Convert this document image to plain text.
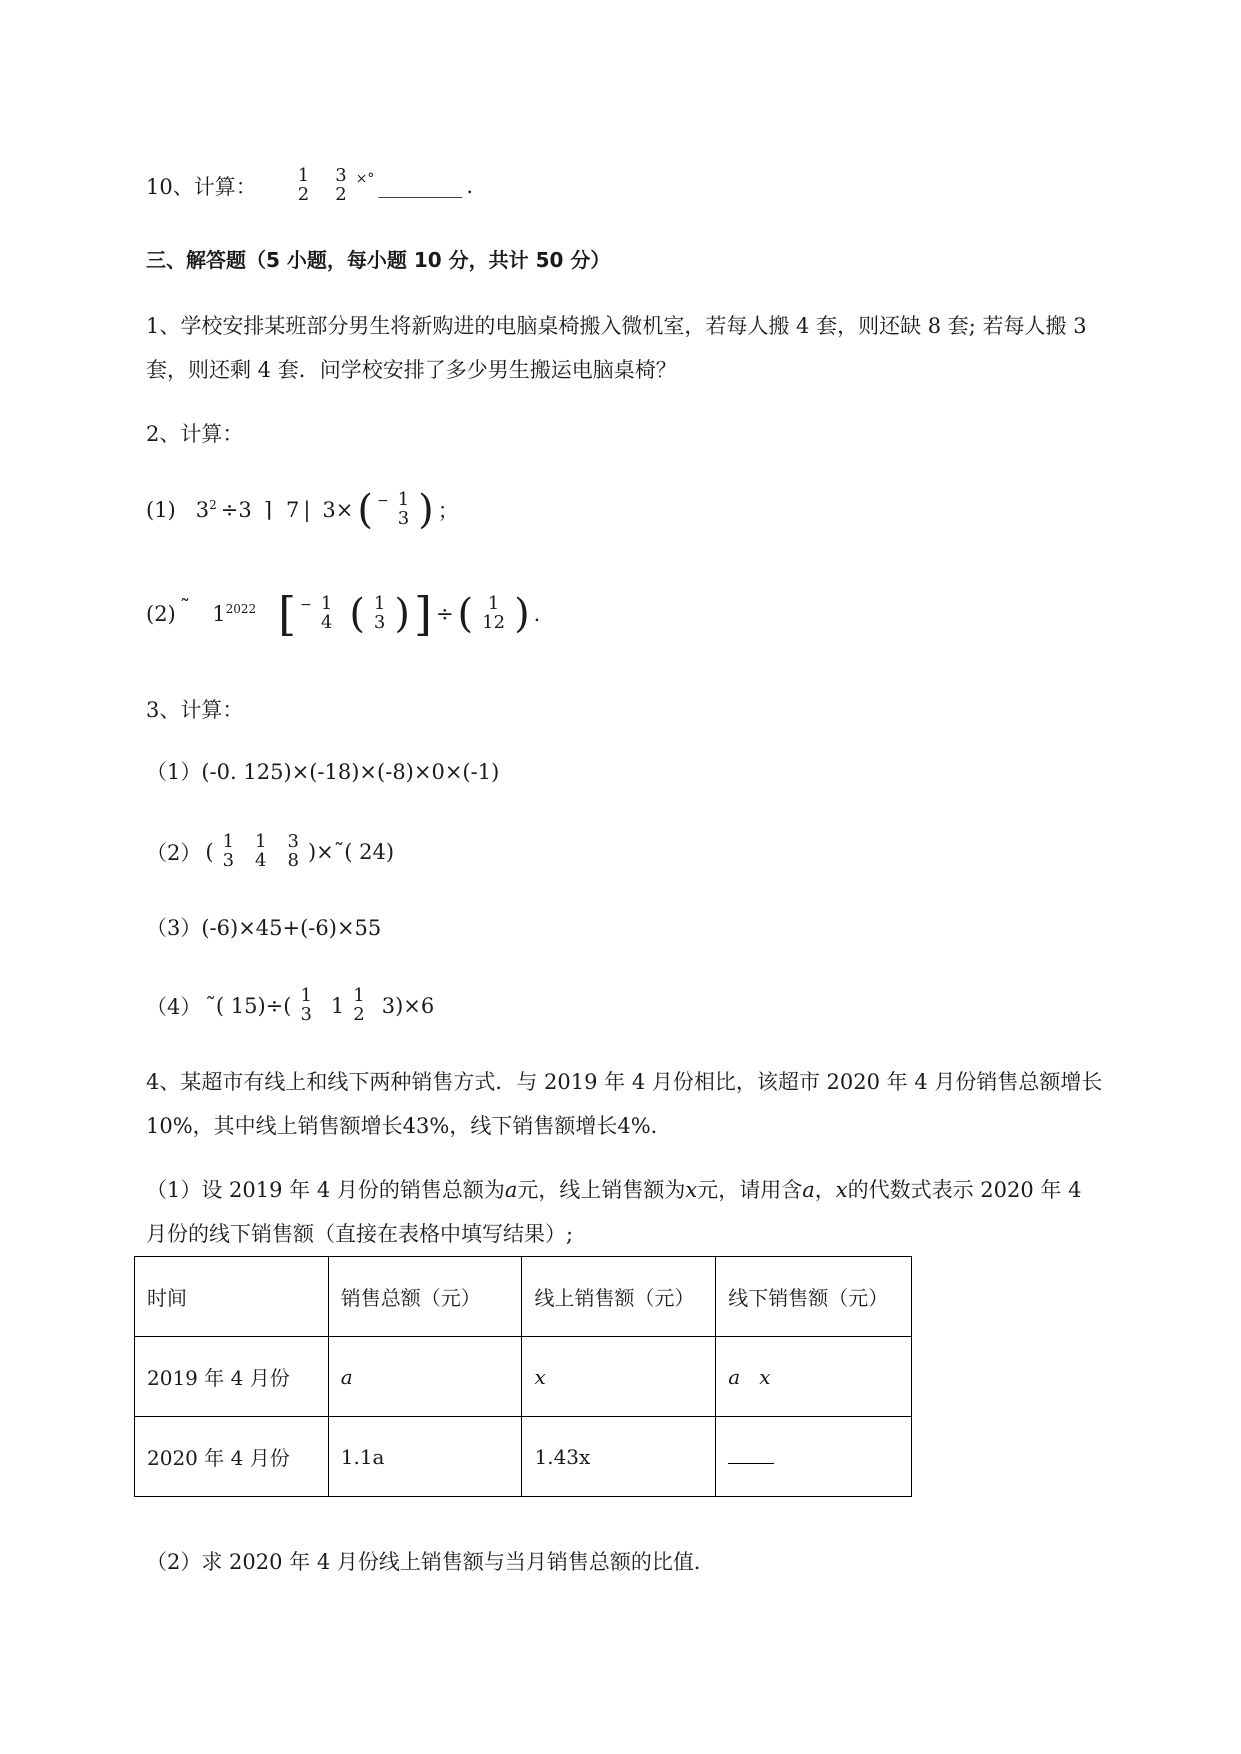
10、计算： 1
2
3
2
×° ________ .
三、解答题（5 小题，每小题 10 分，共计 50 分）
1、学校安排某班部分男生将新购进的电脑桌椅搬入微机室，若每人搬 4 套，则还缺 8 套; 若每人搬 3
套，则还剩 4 套．问学校安排了多少男生搬运电脑桌椅？
2、计算：
(1) $3^2 \div 3$ ⌉ 7 | 3× ( − 1
3 ) ；
(2) ˜ $1^{2022}$ [ − 1
4 ( 1
3 ) ] ÷ ( 1
12 ) .
3、计算：
（1）(-0. 125)×(-18)×(-8)×0×(-1)
（2） ( 1
3
1
4
3
8 )×˜( 24)
（3）(-6)×45+(-6)×55
（4） ˜( 15)÷( 1
3 1 1
2 3)×6
4、某超市有线上和线下两种销售方式．与 2019 年 4 月份相比，该超市 2020 年 4 月份销售总额增长
10%，其中线上销售额增长43%，线下销售额增长4%．
（1）设 2019 年 4 月份的销售总额为a元，线上销售额为x元，请用含a，x的代数式表示 2020 年 4
月份的线下销售额（直接在表格中填写结果）;
时间	销售总额（元）	线上销售额（元）	线下销售额（元）
2019 年 4 月份	a	x	a   x
2020 年 4 月份	1.1a	1.43x	
（2）求 2020 年 4 月份线上销售额与当月销售总额的比值．
